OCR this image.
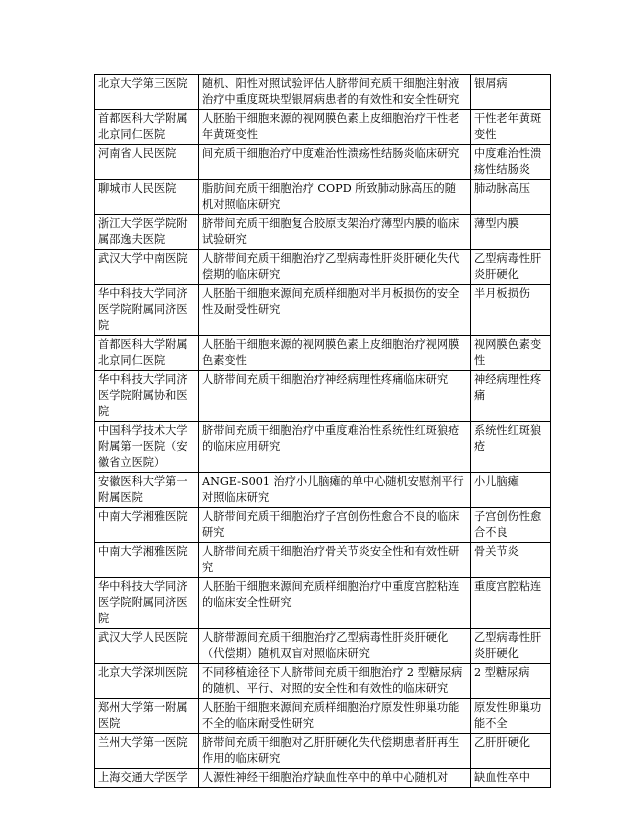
北京大学第三医院	随机、阳性对照试验评估人脐带间充质干细胞注射液治疗中重度斑块型银屑病患者的有效性和安全性研究	银屑病
首都医科大学附属北京同仁医院	人胚胎干细胞来源的视网膜色素上皮细胞治疗干性老年黄斑变性	干性老年黄斑变性
河南省人民医院	间充质干细胞治疗中度难治性溃疡性结肠炎临床研究	中度难治性溃疡性结肠炎
聊城市人民医院	脂肪间充质干细胞治疗 COPD 所致肺动脉高压的随机对照临床研究	肺动脉高压
浙江大学医学院附属邵逸夫医院	脐带间充质干细胞复合胶原支架治疗薄型内膜的临床试验研究	薄型内膜
武汉大学中南医院	人脐带间充质干细胞治疗乙型病毒性肝炎肝硬化失代偿期的临床研究	乙型病毒性肝炎肝硬化
华中科技大学同济医学院附属同济医院	人胚胎干细胞来源间充质样细胞对半月板损伤的安全性及耐受性研究	半月板损伤
首都医科大学附属北京同仁医院	人胚胎干细胞来源的视网膜色素上皮细胞治疗视网膜色素变性	视网膜色素变性
华中科技大学同济医学院附属协和医院	人脐带间充质干细胞治疗神经病理性疼痛临床研究	神经病理性疼痛
中国科学技术大学附属第一医院（安徽省立医院）	脐带间充质干细胞治疗中重度难治性系统性红斑狼疮的临床应用研究	系统性红斑狼疮
安徽医科大学第一附属医院	ANGE-S001 治疗小儿脑瘫的单中心随机安慰剂平行对照临床研究	小儿脑瘫
中南大学湘雅医院	人脐带间充质干细胞治疗子宫创伤性愈合不良的临床研究	子宫创伤性愈合不良
中南大学湘雅医院	人脐带间充质干细胞治疗骨关节炎安全性和有效性研究	骨关节炎
华中科技大学同济医学院附属同济医院	人胚胎干细胞来源间充质样细胞治疗中重度宫腔粘连的临床安全性研究	重度宫腔粘连
武汉大学人民医院	人脐带源间充质干细胞治疗乙型病毒性肝炎肝硬化（代偿期）随机双盲对照临床研究	乙型病毒性肝炎肝硬化
北京大学深圳医院	不同移植途径下人脐带间充质干细胞治疗 2 型糖尿病的随机、平行、对照的安全性和有效性的临床研究	2 型糖尿病
郑州大学第一附属医院	人胚胎干细胞来源间充质样细胞治疗原发性卵巢功能不全的临床耐受性研究	原发性卵巢功能不全
兰州大学第一医院	脐带间充质干细胞对乙肝肝硬化失代偿期患者肝再生作用的临床研究	乙肝肝硬化
上海交通大学医学	人源性神经干细胞治疗缺血性卒中的单中心随机对	缺血性卒中
